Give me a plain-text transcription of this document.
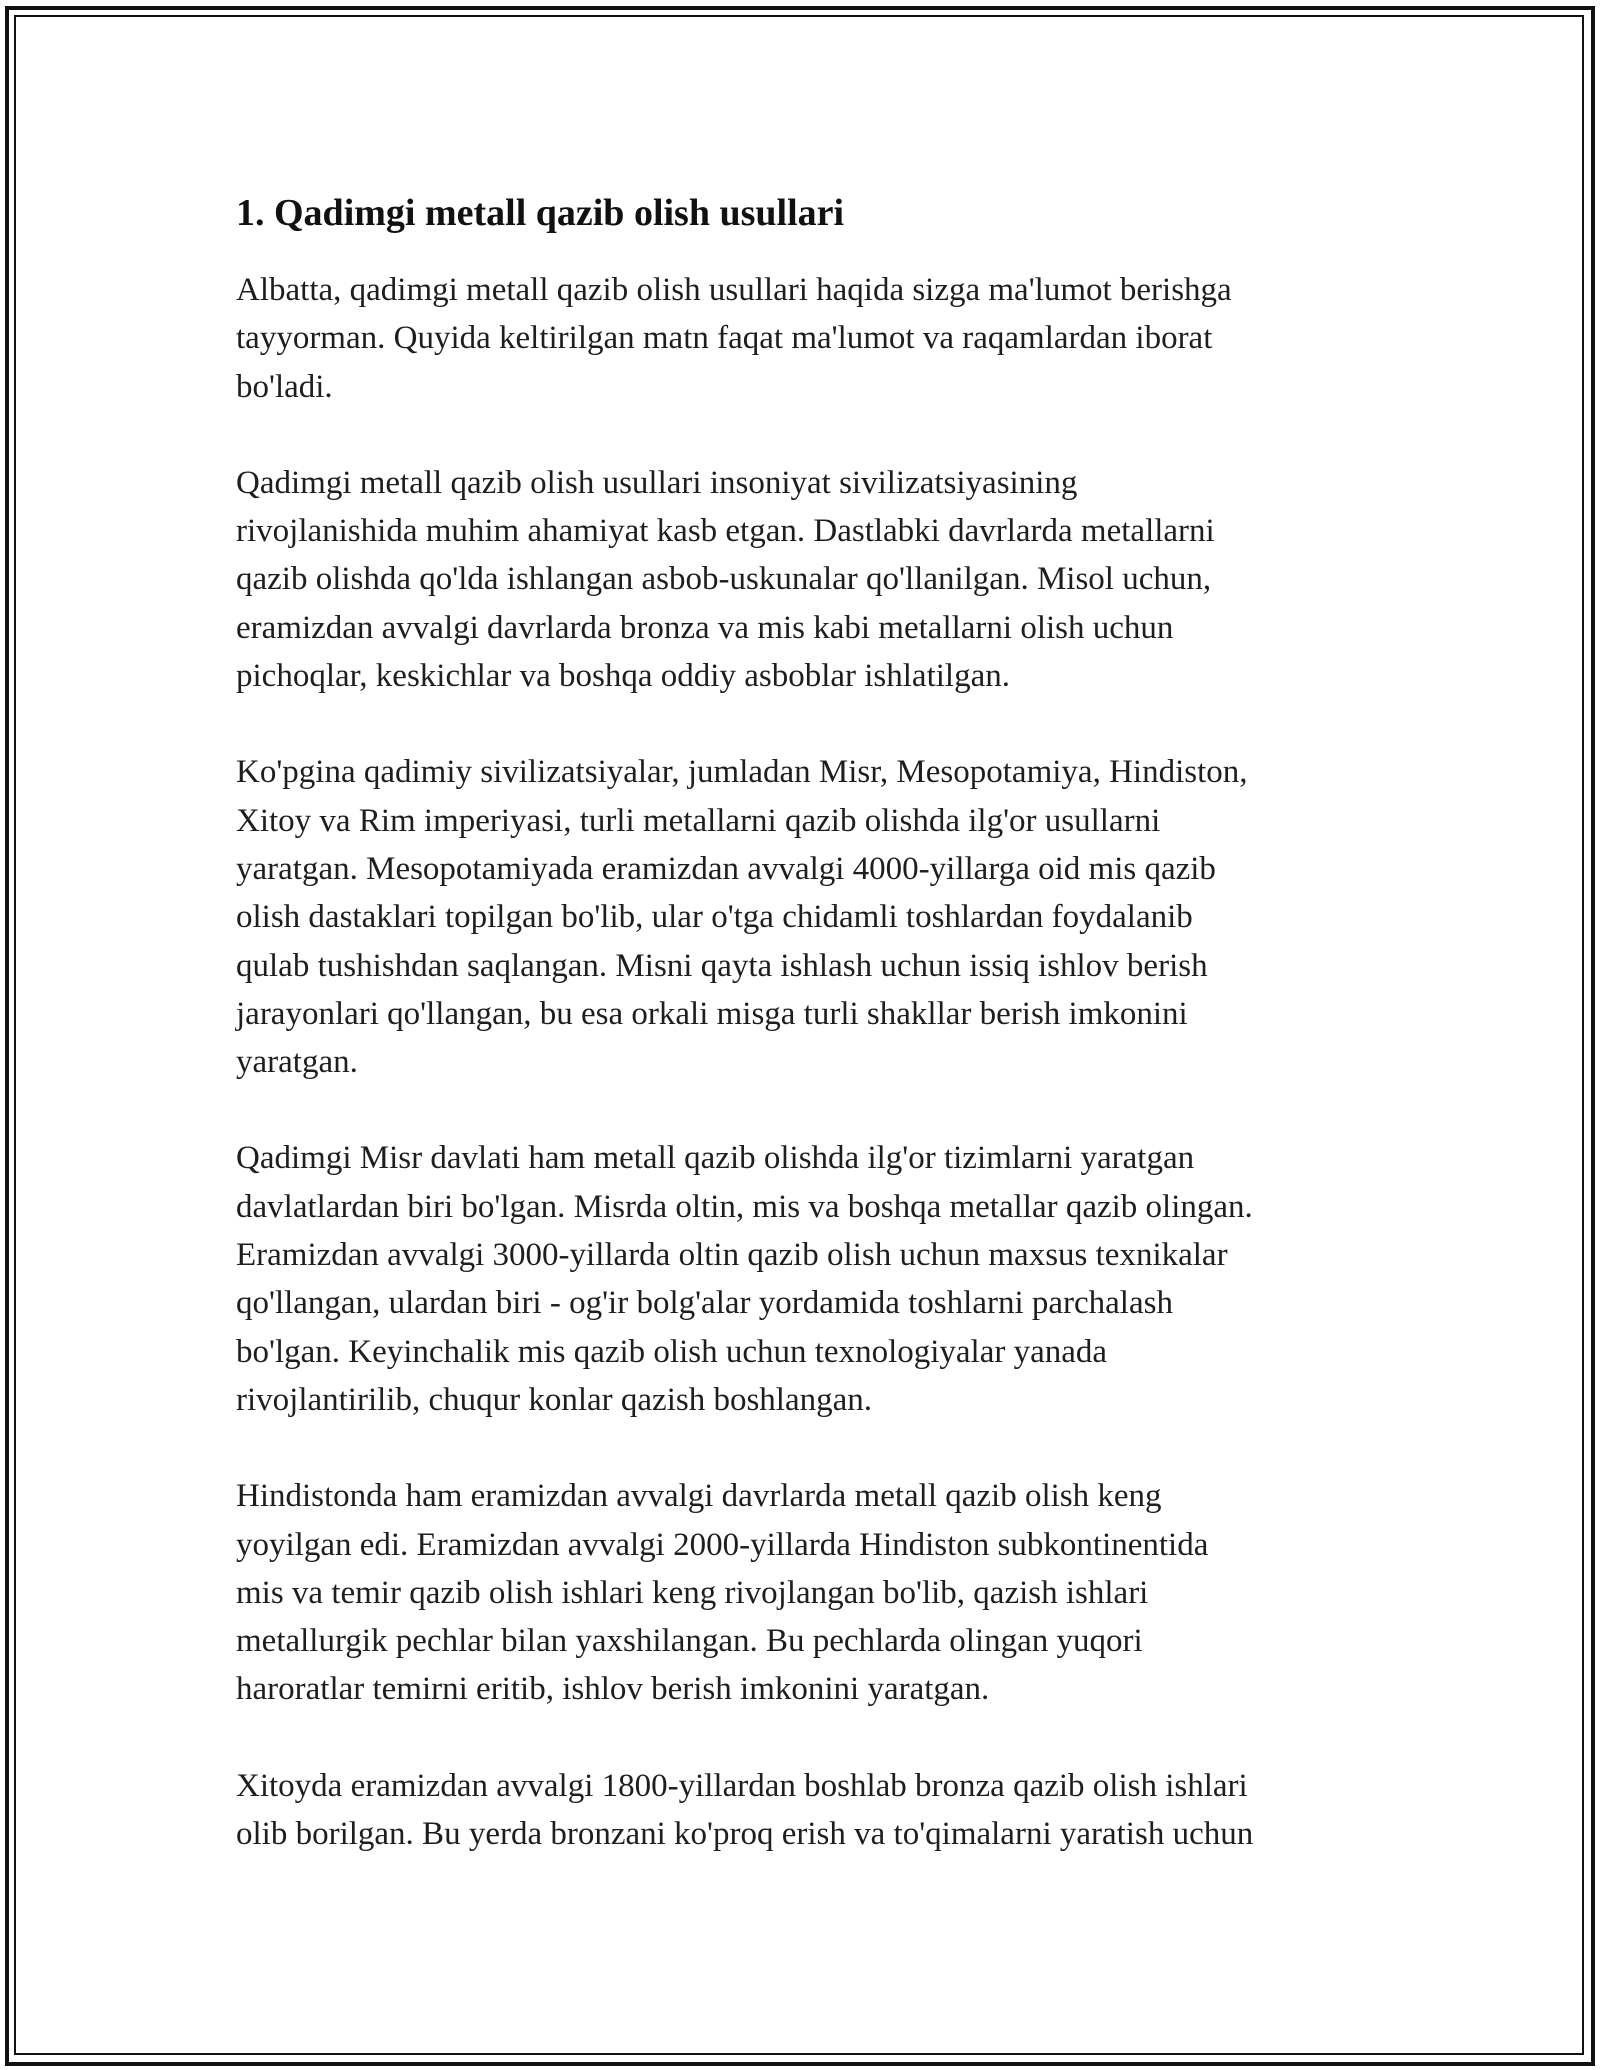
1. Qadimgi metall qazib olish usullari

Albatta, qadimgi metall qazib olish usullari haqida sizga ma'lumot berishga
tayyorman. Quyida keltirilgan matn faqat ma'lumot va raqamlardan iborat
bo'ladi.

Qadimgi metall qazib olish usullari insoniyat sivilizatsiyasining
rivojlanishida muhim ahamiyat kasb etgan. Dastlabki davrlarda metallarni
qazib olishda qo'lda ishlangan asbob-uskunalar qo'llanilgan. Misol uchun,
eramizdan avvalgi davrlarda bronza va mis kabi metallarni olish uchun
pichoqlar, keskichlar va boshqa oddiy asboblar ishlatilgan.

Ko'pgina qadimiy sivilizatsiyalar, jumladan Misr, Mesopotamiya, Hindiston,
Xitoy va Rim imperiyasi, turli metallarni qazib olishda ilg'or usullarni
yaratgan. Mesopotamiyada eramizdan avvalgi 4000-yillarga oid mis qazib
olish dastaklari topilgan bo'lib, ular o'tga chidamli toshlardan foydalanib
qulab tushishdan saqlangan. Misni qayta ishlash uchun issiq ishlov berish
jarayonlari qo'llangan, bu esa orkali misga turli shakllar berish imkonini
yaratgan.

Qadimgi Misr davlati ham metall qazib olishda ilg'or tizimlarni yaratgan
davlatlardan biri bo'lgan. Misrda oltin, mis va boshqa metallar qazib olingan.
Eramizdan avvalgi 3000-yillarda oltin qazib olish uchun maxsus texnikalar
qo'llangan, ulardan biri - og'ir bolg'alar yordamida toshlarni parchalash
bo'lgan. Keyinchalik mis qazib olish uchun texnologiyalar yanada
rivojlantirilib, chuqur konlar qazish boshlangan.

Hindistonda ham eramizdan avvalgi davrlarda metall qazib olish keng
yoyilgan edi. Eramizdan avvalgi 2000-yillarda Hindiston subkontinentida
mis va temir qazib olish ishlari keng rivojlangan bo'lib, qazish ishlari
metallurgik pechlar bilan yaxshilangan. Bu pechlarda olingan yuqori
haroratlar temirni eritib, ishlov berish imkonini yaratgan.

Xitoyda eramizdan avvalgi 1800-yillardan boshlab bronza qazib olish ishlari
olib borilgan. Bu yerda bronzani ko'proq erish va to'qimalarni yaratish uchun
